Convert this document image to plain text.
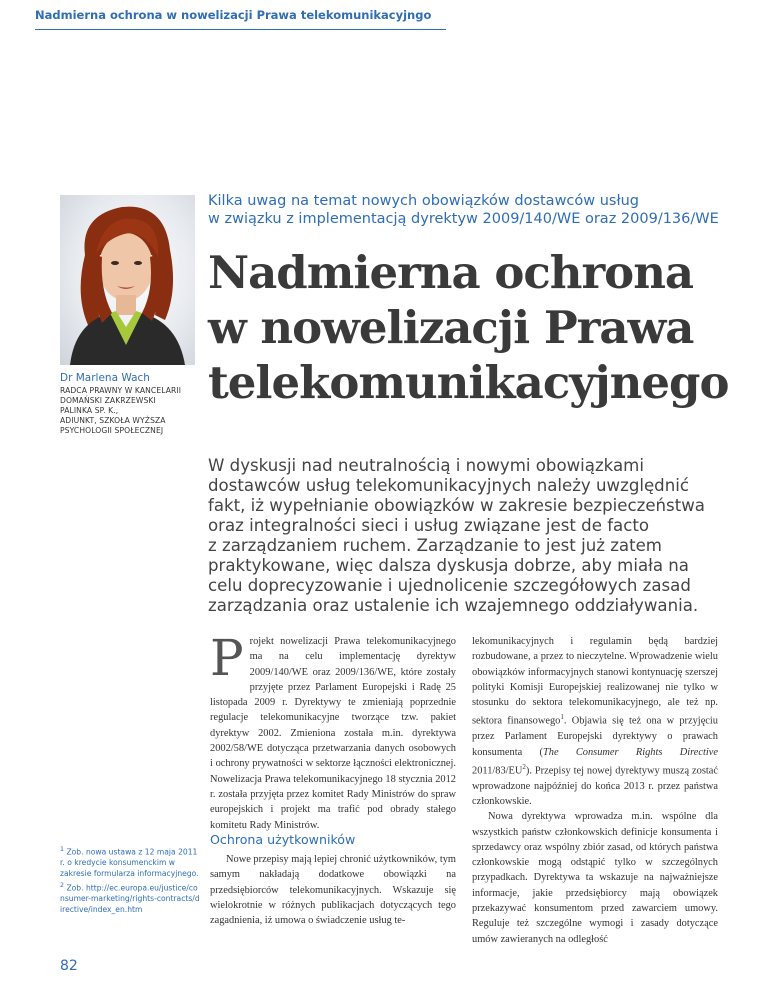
Nadmierna ochrona w nowelizacji Prawa telekomunikacyjngo
Dr Marlena Wach
RADCA PRAWNY W KANCELARII
DOMAŃSKI ZAKRZEWSKI
PALINKA SP. K.,
ADIUNKT, SZKOŁA WYŻSZA
PSYCHOLOGII SPOŁECZNEJ
Kilka uwag na temat nowych obowiązków dostawców usług
w związku z implementacją dyrektyw 2009/140/WE oraz 2009/136/WE
Nadmierna ochrona
w nowelizacji Prawa
telekomunikacyjnego
W dyskusji nad neutralnością i nowymi obowiązkami
dostawców usług telekomunikacyjnych należy uwzględnić
fakt, iż wypełnianie obowiązków w zakresie bezpieczeństwa
oraz integralności sieci i usług związane jest de facto
z zarządzaniem ruchem. Zarządzanie to jest już zatem
praktykowane, więc dalsza dyskusja dobrze, aby miała na
celu doprecyzowanie i ujednolicenie szczegółowych zasad
zarządzania oraz ustalenie ich wzajemnego oddziaływania.

Projekt nowelizacji Prawa telekomunikacyjnego ma na celu implementację dyrektyw 2009/140/WE oraz 2009/136/WE, które zostały przyjęte przez Parlament Europejski i Radę 25 listopada 2009 r. Dyrektywy te zmieniają poprzednie regulacje telekomunikacyjne tworzące tzw. pakiet dyrektyw 2002. Zmieniona została m.in. dyrektywa 2002/58/WE dotycząca przetwarzania danych osobowych i ochrony prywatności w sektorze łączności elektronicznej. Nowelizacja Prawa telekomunikacyjnego 18 stycznia 2012 r. została przyjęta przez komitet Rady Ministrów do spraw europejskich i projekt ma trafić pod obrady stałego komitetu Rady Ministrów.

Ochrona użytkowników

Nowe przepisy mają lepiej chronić użytkowników, tym samym nakładają dodatkowe obowiązki na przedsiębiorców telekomunikacyjnych. Wskazuje się wielokrotnie w różnych publikacjach dotyczących tego zagadnienia, iż umowa o świadczenie usług te-

lekomunikacyjnych i regulamin będą bardziej rozbudowane, a przez to nieczytelne. Wprowadzenie wielu obowiązków informacyjnych stanowi kontynuację szerszej polityki Komisji Europejskiej realizowanej nie tylko w stosunku do sektora telekomunikacyjnego, ale też np. sektora finansowego$^1$. Objawia się też ona w przyjęciu przez Parlament Europejski dyrektywy o prawach konsumenta (The Consumer Rights Directive $2011/83/EU^2$). Przepisy tej nowej dyrektywy muszą zostać wprowadzone najpóźniej do końca 2013 r. przez państwa członkowskie.

Nowa dyrektywa wprowadza m.in. wspólne dla wszystkich państw członkowskich definicje konsumenta i sprzedawcy oraz wspólny zbiór zasad, od których państwa członkowskie mogą odstąpić tylko w szczególnych przypadkach. Dyrektywa ta wskazuje na najważniejsze informacje, jakie przedsiębiorcy mają obowiązek przekazywać konsumentom przed zawarciem umowy. Reguluje też szczególne wymogi i zasady dotyczące umów zawieranych na odległość

$^1$ Zob. nowa ustawa z 12 maja 2011 r. o kredycie konsumenckim w zakresie formularza informacyjnego.

$^2$ Zob. http://ec.europa.eu/justice/consumer-marketing/rights-contracts/directive/index_en.htm

82
